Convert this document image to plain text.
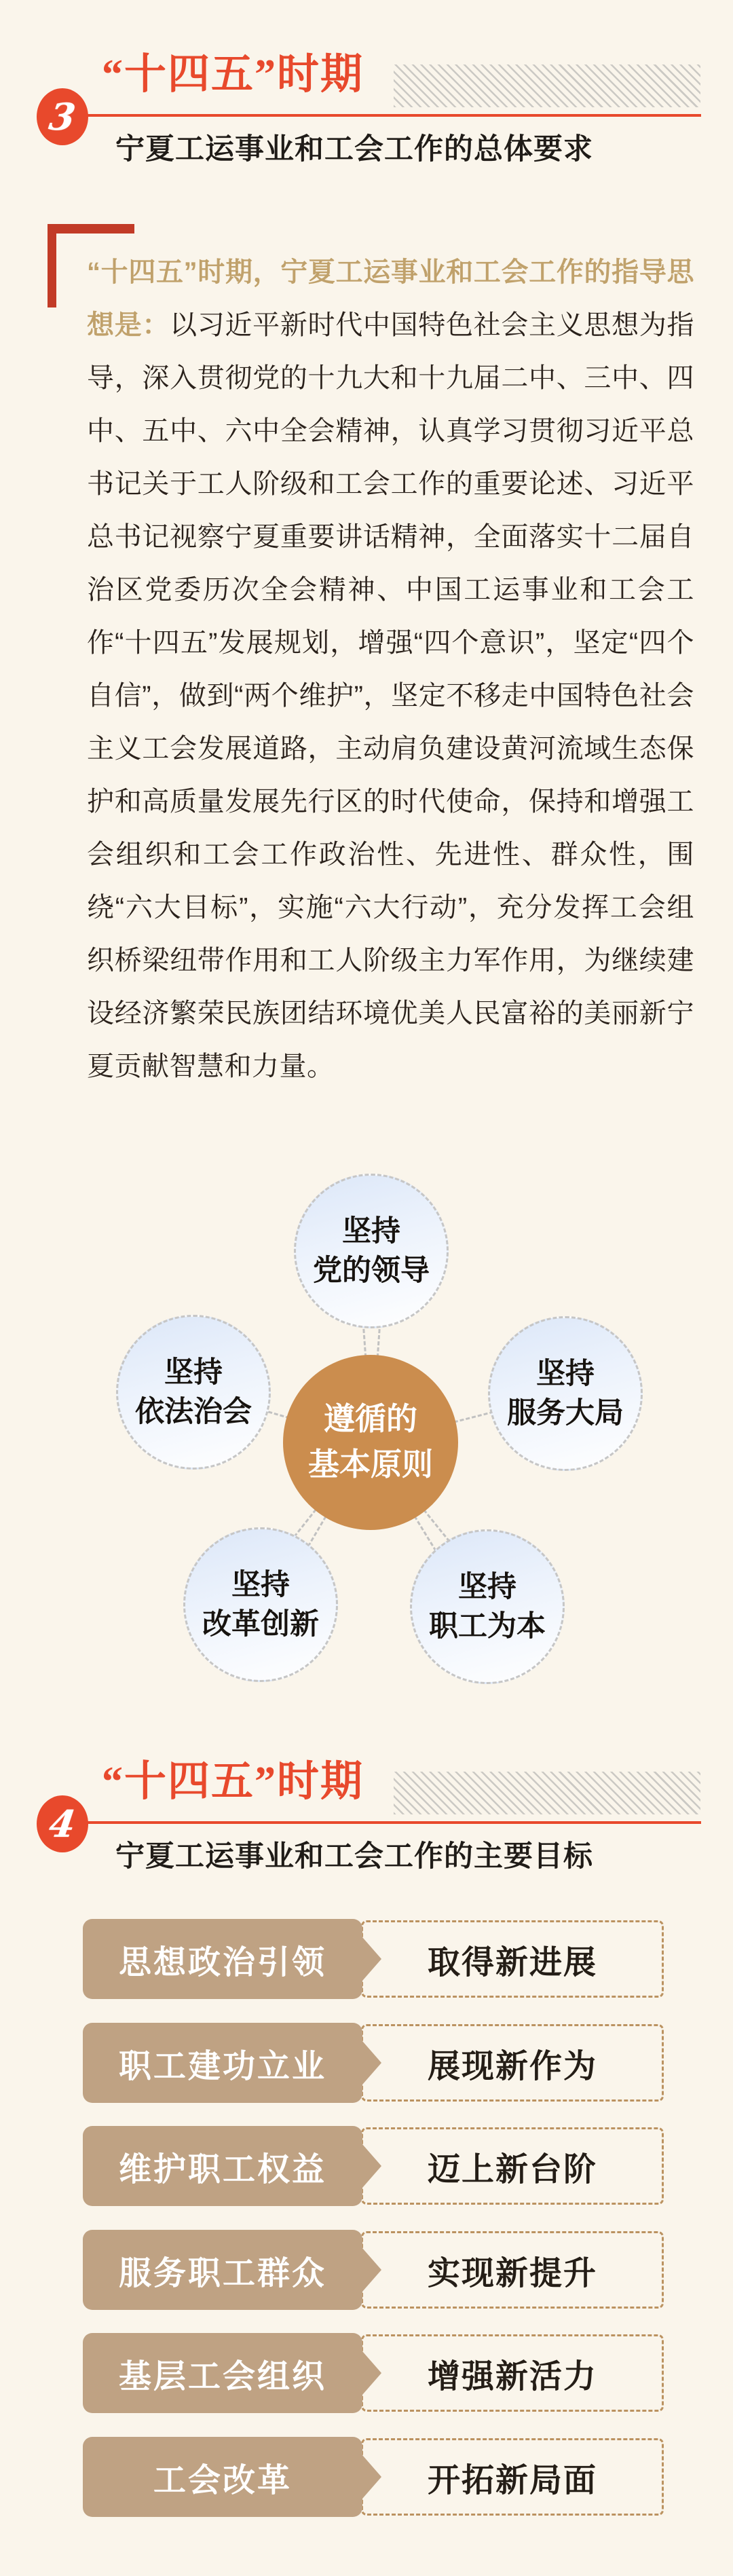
“十四五”时期
3
宁夏工运事业和工会工作的总体要求

“十四五”时期，宁夏工运事业和工会工作的指导思想是：以习近平新时代中国特色社会主义思想为指导，深入贯彻党的十九大和十九届二中、三中、四中、五中、六中全会精神，认真学习贯彻习近平总书记关于工人阶级和工会工作的重要论述、习近平总书记视察宁夏重要讲话精神，全面落实十二届自治区党委历次全会精神、中国工运事业和工会工作“十四五”发展规划，增强“四个意识”，坚定“四个自信”，做到“两个维护”，坚定不移走中国特色社会主义工会发展道路，主动肩负建设黄河流域生态保护和高质量发展先行区的时代使命，保持和增强工会组织和工会工作政治性、先进性、群众性，围绕“六大目标”，实施“六大行动”，充分发挥工会组织桥梁纽带作用和工人阶级主力军作用，为继续建设经济繁荣民族团结环境优美人民富裕的美丽新宁夏贡献智慧和力量。

坚持
党的领导
坚持
依法治会
坚持
服务大局
坚持
改革创新
坚持
职工为本
遵循的
基本原则
“十四五”时期
4
宁夏工运事业和工会工作的主要目标
取得新进展
思想政治引领
展现新作为
职工建功立业
迈上新台阶
维护职工权益
实现新提升
服务职工群众
增强新活力
基层工会组织
开拓新局面
工会改革
